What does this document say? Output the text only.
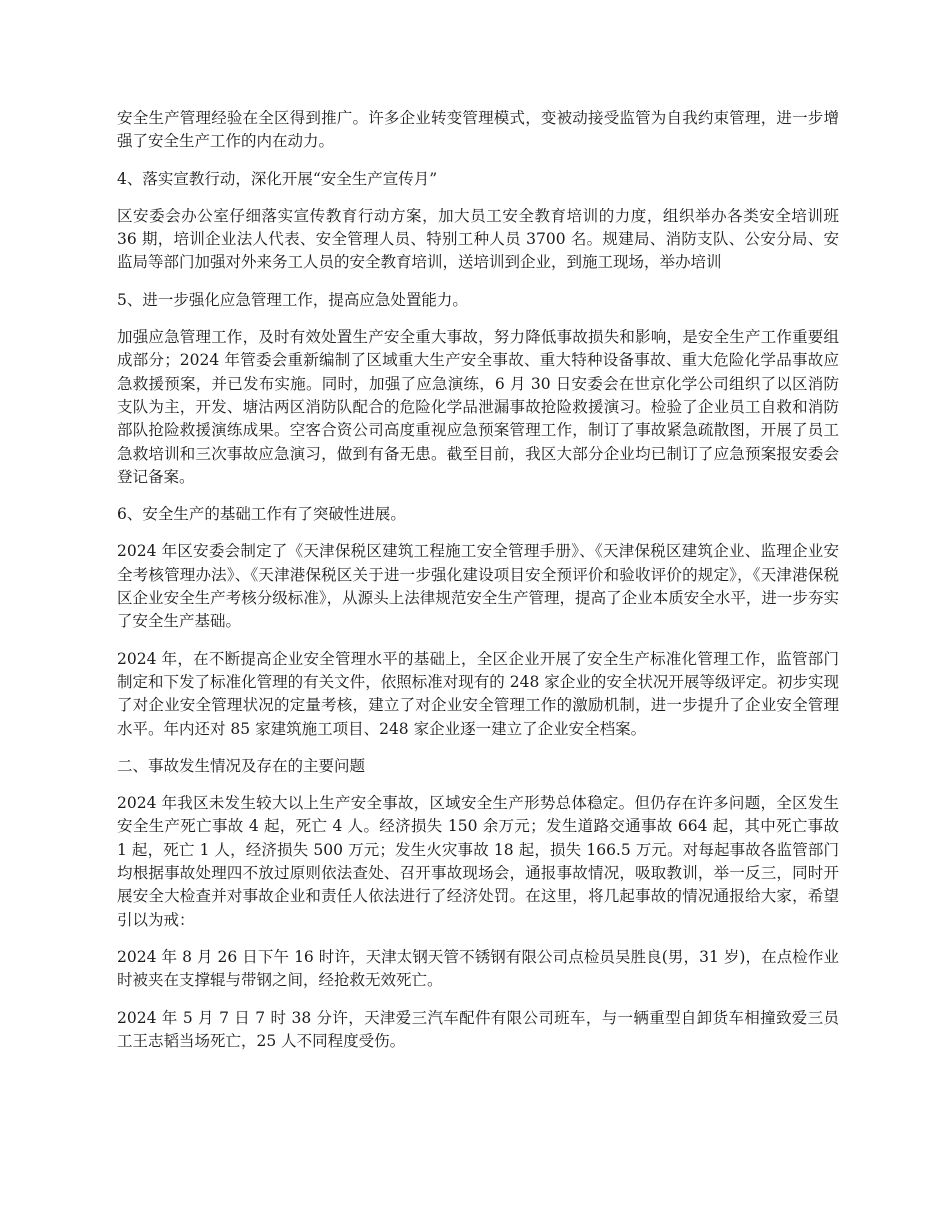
安全生产管理经验在全区得到推广。许多企业转变管理模式，变被动接受监管为自我约束管理，进一步增强了安全生产工作的内在动力。

4、落实宣教行动，深化开展“安全生产宣传月”

区安委会办公室仔细落实宣传教育行动方案，加大员工安全教育培训的力度，组织举办各类安全培训班 36 期，培训企业法人代表、安全管理人员、特别工种人员 3700 名。规建局、消防支队、公安分局、安监局等部门加强对外来务工人员的安全教育培训，送培训到企业，到施工现场，举办培训

5、进一步强化应急管理工作，提高应急处置能力。

加强应急管理工作，及时有效处置生产安全重大事故，努力降低事故损失和影响，是安全生产工作重要组成部分；2024 年管委会重新编制了区域重大生产安全事故、重大特种设备事故、重大危险化学品事故应急救援预案，并已发布实施。同时，加强了应急演练，6 月 30 日安委会在世京化学公司组织了以区消防支队为主，开发、塘沽两区消防队配合的危险化学品泄漏事故抢险救援演习。检验了企业员工自救和消防部队抢险救援演练成果。空客合资公司高度重视应急预案管理工作，制订了事故紧急疏散图，开展了员工急救培训和三次事故应急演习，做到有备无患。截至目前，我区大部分企业均已制订了应急预案报安委会登记备案。

6、安全生产的基础工作有了突破性进展。

2024 年区安委会制定了《天津保税区建筑工程施工安全管理手册》、《天津保税区建筑企业、监理企业安全考核管理办法》、《天津港保税区关于进一步强化建设项目安全预评价和验收评价的规定》，《天津港保税区企业安全生产考核分级标准》，从源头上法律规范安全生产管理，提高了企业本质安全水平，进一步夯实了安全生产基础。

2024 年，在不断提高企业安全管理水平的基础上，全区企业开展了安全生产标准化管理工作，监管部门制定和下发了标准化管理的有关文件，依照标准对现有的 248 家企业的安全状况开展等级评定。初步实现了对企业安全管理状况的定量考核，建立了对企业安全管理工作的激励机制，进一步提升了企业安全管理水平。年内还对 85 家建筑施工项目、248 家企业逐一建立了企业安全档案。

二、事故发生情况及存在的主要问题

2024 年我区未发生较大以上生产安全事故，区域安全生产形势总体稳定。但仍存在许多问题，全区发生安全生产死亡事故 4 起，死亡 4 人。经济损失 150 余万元；发生道路交通事故 664 起，其中死亡事故 1 起，死亡 1 人，经济损失 500 万元；发生火灾事故 18 起，损失 166.5 万元。对每起事故各监管部门均根据事故处理四不放过原则依法查处、召开事故现场会，通报事故情况，吸取教训，举一反三，同时开展安全大检查并对事故企业和责任人依法进行了经济处罚。在这里，将几起事故的情况通报给大家，希望引以为戒：

2024 年 8 月 26 日下午 16 时许，天津太钢天管不锈钢有限公司点检员吴胜良(男，31 岁)，在点检作业时被夹在支撑辊与带钢之间，经抢救无效死亡。

2024 年 5 月 7 日 7 时 38 分许，天津爱三汽车配件有限公司班车，与一辆重型自卸货车相撞致爱三员工王志韬当场死亡，25 人不同程度受伤。
